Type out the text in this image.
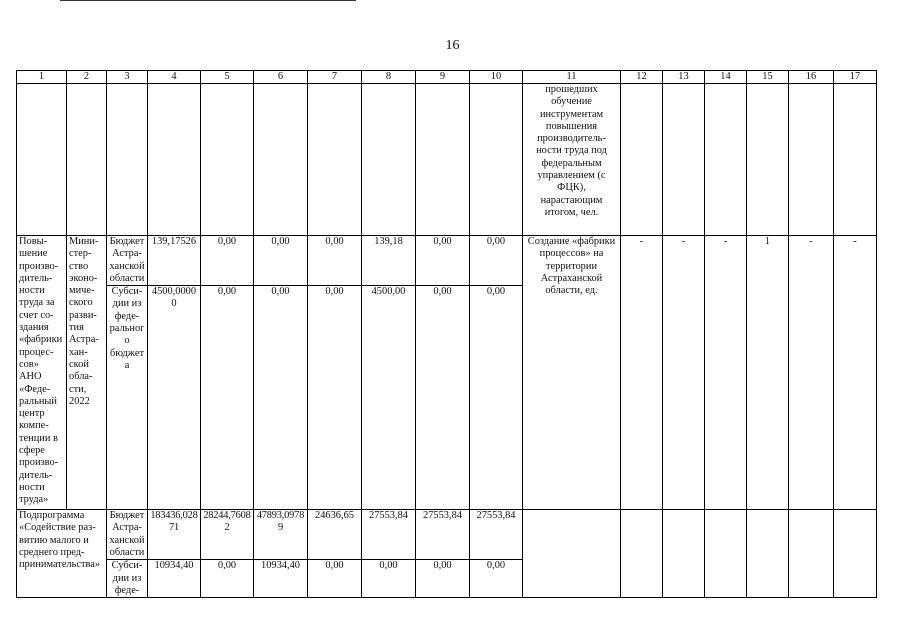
16
1	2	3	4	5	6	7	8	9	10	11	12	13	14	15	16	17
										прошедших обучение инструментам повышения производитель-ности труда под федеральным управлением (с ФЦК), нарастающим итогом, чел.						
Повы-шение произво-дитель-ности труда за счет со-здания «фабрики процес-сов» АНО «Феде-ральный центр компе-тенции в сфере произво-дитель-ности труда»	Мини-стер-ство эконо-миче-ского разви-тия Астра-хан-ской обла-сти, 2022	Бюджет Астра-ханской области	139,17526	0,00	0,00	0,00	139,18	0,00	0,00	Создание «фабрики процессов» на территории Астраханской области, ед.	-	-	-	1	-	-
		Субси-дии из феде-рального бюджета	4500,00000	0,00	0,00	0,00	4500,00	0,00	0,00							
Подпрограмма «Содействие раз-витию малого и среднего пред-принимательства»		Бюджет Астра-ханской области	183436,02871	28244,76082	47893,09789	24636,65	27553,84	27553,84	27553,84							
		Субси-дии из феде-	10934,40	0,00	10934,40	0,00	0,00	0,00	0,00							
